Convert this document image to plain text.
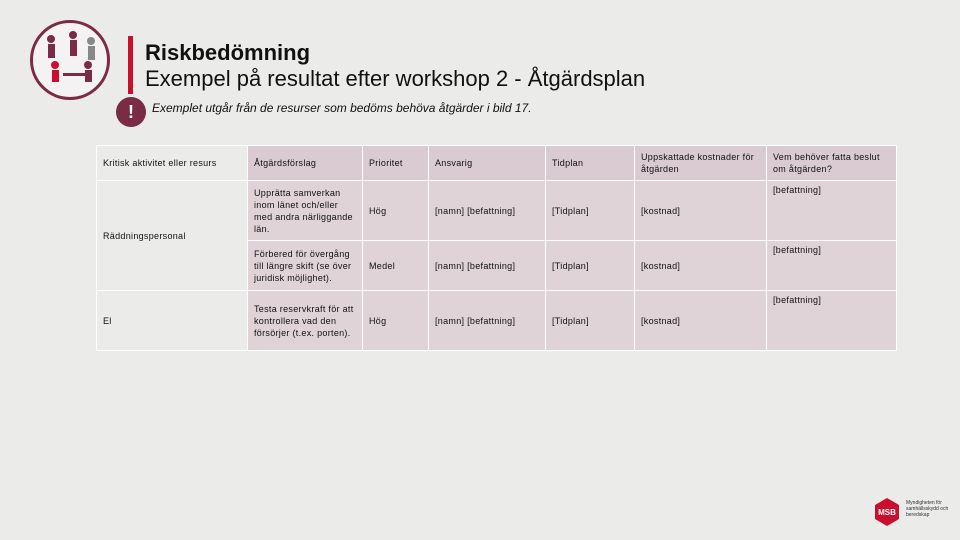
Riskbedömning
Exempel på resultat efter workshop 2 - Åtgärdsplan
! Exemplet utgår från de resurser som bedöms behöva åtgärder i bild 17.
Kritisk aktivitet eller resurs	Åtgärdsförslag	Prioritet	Ansvarig	Tidplan	Uppskattade kostnader för åtgärden	Vem behöver fatta beslut om åtgärden?
Räddningspersonal	Upprätta samverkan inom länet och/eller med andra närliggande län.	Hög	[namn] [befattning]	[Tidplan]	[kostnad]	[befattning]
	Förbered för övergång till längre skift (se över juridisk möjlighet).	Medel	[namn] [befattning]	[Tidplan]	[kostnad]	[befattning]
El	Testa reservkraft för att kontrollera vad den försörjer (t.ex. porten).	Hög	[namn] [befattning]	[Tidplan]	[kostnad]	[befattning]
MSB
Myndigheten för samhällsskydd och beredskap
